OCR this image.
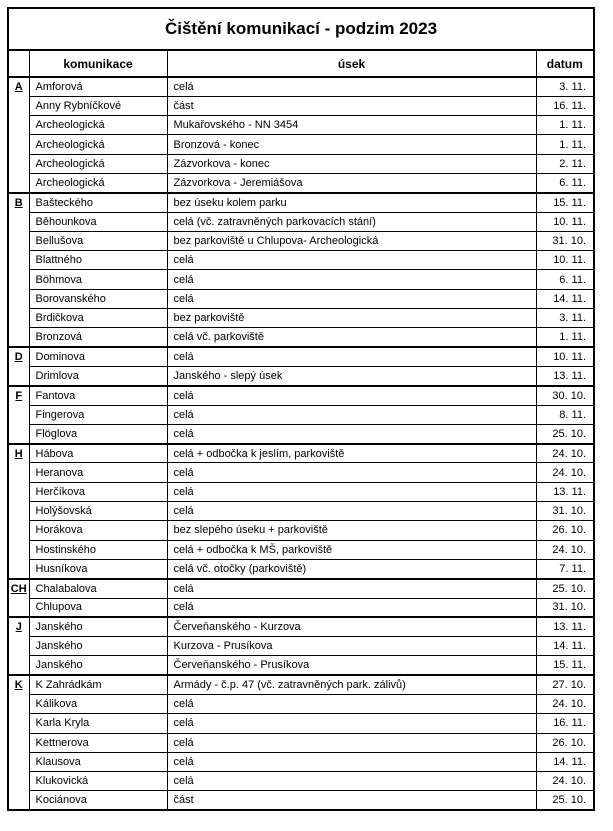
Čištění komunikací - podzim 2023			
	komunikace	úsek	datum
A	Amforová	celá	3. 11.
	Anny Rybníčkové	část	16. 11.
	Archeologická	Mukařovského - NN 3454	1. 11.
	Archeologická	Bronzová - konec	1. 11.
	Archeologická	Zázvorkova - konec	2. 11.
	Archeologická	Zázvorkova - Jeremiášova	6. 11.
B	Bašteckého	bez úseku kolem parku	15. 11.
	Běhounkova	celá (vč. zatravněných parkovacích stání)	10. 11.
	Bellušova	bez parkoviště u Chlupova- Archeologická	31. 10.
	Blattného	celá	10. 11.
	Böhmova	celá	6. 11.
	Borovanského	celá	14. 11.
	Brdičkova	bez parkoviště	3. 11.
	Bronzová	celá vč. parkoviště	1. 11.
D	Dominova	celá	10. 11.
	Drimlova	Janského - slepý úsek	13. 11.
F	Fantova	celá	30. 10.
	Fingerova	celá	8. 11.
	Flöglova	celá	25. 10.
H	Hábova	celá + odbočka k jeslím, parkoviště	24. 10.
	Heranova	celá	24. 10.
	Herčíkova	celá	13. 11.
	Holýšovská	celá	31. 10.
	Horákova	bez slepého úseku + parkoviště	26. 10.
	Hostinského	celá + odbočka k MŠ, parkoviště	24. 10.
	Husníkova	celá vč. otočky (parkoviště)	7. 11.
CH	Chalabalova	celá	25. 10.
	Chlupova	celá	31. 10.
J	Janského	Červeňanského - Kurzova	13. 11.
	Janského	Kurzova - Prusíkova	14. 11.
	Janského	Červeňanského - Prusíkova	15. 11.
K	K Zahrádkám	Armády - č.p. 47 (vč. zatravněných park. zálivů)	27. 10.
	Kálikova	celá	24. 10.
	Karla Kryla	celá	16. 11.
	Kettnerova	celá	26. 10.
	Klausova	celá	14. 11.
	Klukovická	celá	24. 10.
	Kociánova	část	25. 10.
